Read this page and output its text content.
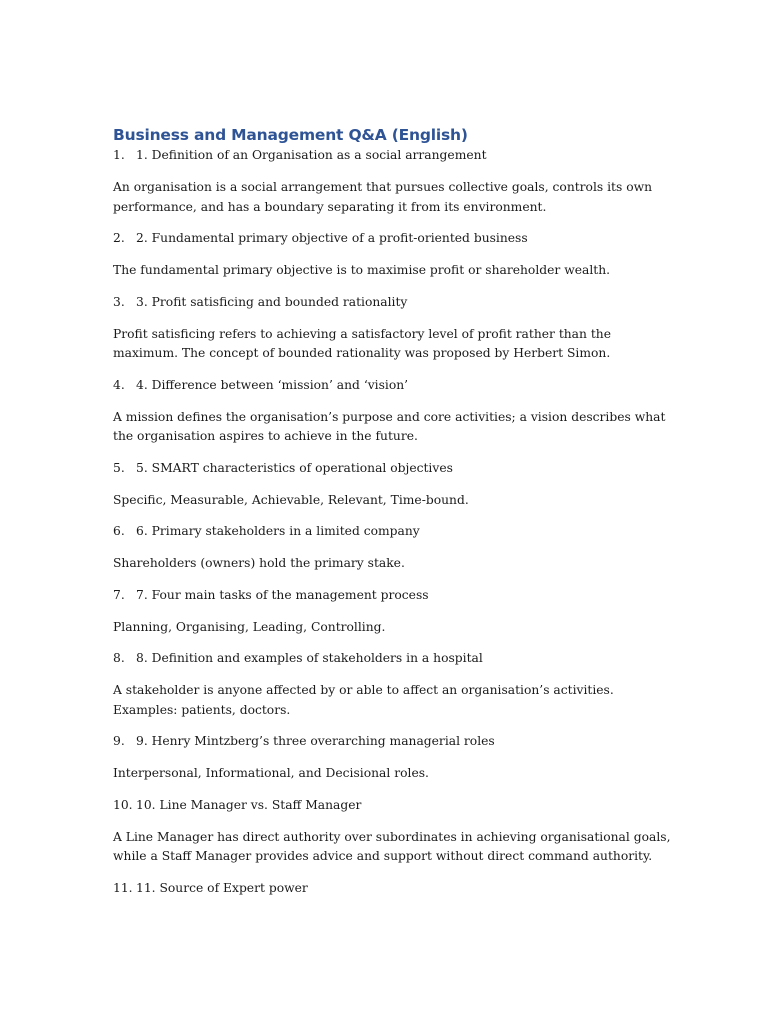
Business and Management Q&A (English)

1. 1. Definition of an Organisation as a social arrangement

An organisation is a social arrangement that pursues collective goals, controls its own performance, and has a boundary separating it from its environment.

2. 2. Fundamental primary objective of a profit-oriented business

The fundamental primary objective is to maximise profit or shareholder wealth.

3. 3. Profit satisficing and bounded rationality

Profit satisficing refers to achieving a satisfactory level of profit rather than the maximum. The concept of bounded rationality was proposed by Herbert Simon.

4. 4. Difference between ‘mission’ and ‘vision’

A mission defines the organisation’s purpose and core activities; a vision describes what the organisation aspires to achieve in the future.

5. 5. SMART characteristics of operational objectives

Specific, Measurable, Achievable, Relevant, Time-bound.

6. 6. Primary stakeholders in a limited company

Shareholders (owners) hold the primary stake.

7. 7. Four main tasks of the management process

Planning, Organising, Leading, Controlling.

8. 8. Definition and examples of stakeholders in a hospital

A stakeholder is anyone affected by or able to affect an organisation’s activities. Examples: patients, doctors.

9. 9. Henry Mintzberg’s three overarching managerial roles

Interpersonal, Informational, and Decisional roles.

10. 10. Line Manager vs. Staff Manager

A Line Manager has direct authority over subordinates in achieving organisational goals, while a Staff Manager provides advice and support without direct command authority.

11. 11. Source of Expert power
